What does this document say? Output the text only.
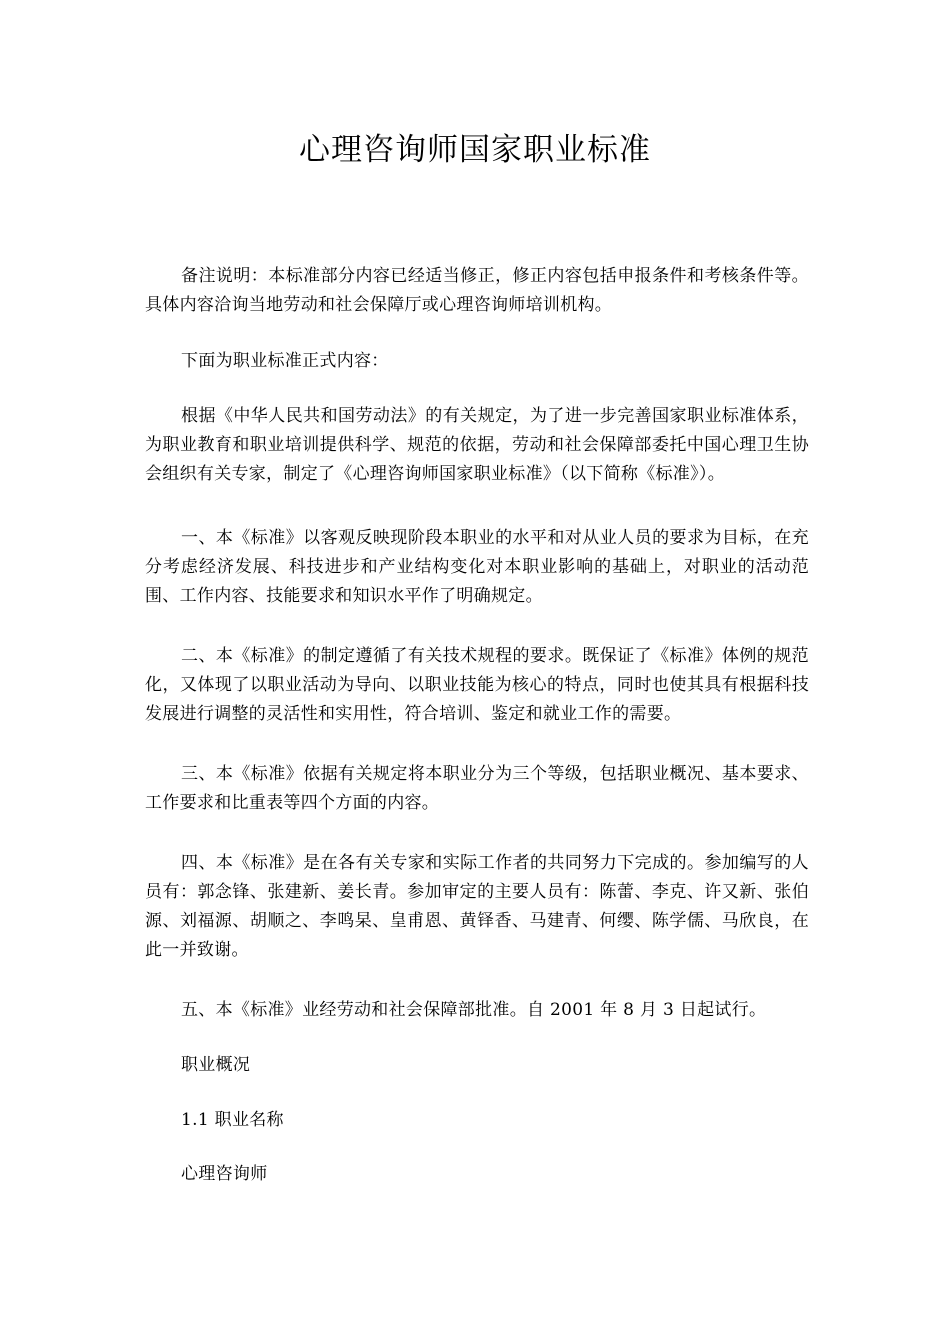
心理咨询师国家职业标准

备注说明：本标准部分内容已经适当修正，修正内容包括申报条件和考核条件等。具体内容洽询当地劳动和社会保障厅或心理咨询师培训机构。

下面为职业标准正式内容：

根据《中华人民共和国劳动法》的有关规定，为了进一步完善国家职业标准体系，为职业教育和职业培训提供科学、规范的依据，劳动和社会保障部委托中国心理卫生协会组织有关专家，制定了《心理咨询师国家职业标准》（以下简称《标准》）。

一、本《标准》以客观反映现阶段本职业的水平和对从业人员的要求为目标，在充分考虑经济发展、科技进步和产业结构变化对本职业影响的基础上，对职业的活动范围、工作内容、技能要求和知识水平作了明确规定。

二、本《标准》的制定遵循了有关技术规程的要求。既保证了《标准》体例的规范化，又体现了以职业活动为导向、以职业技能为核心的特点，同时也使其具有根据科技发展进行调整的灵活性和实用性，符合培训、鉴定和就业工作的需要。

三、本《标准》依据有关规定将本职业分为三个等级，包括职业概况、基本要求、工作要求和比重表等四个方面的内容。

四、本《标准》是在各有关专家和实际工作者的共同努力下完成的。参加编写的人员有：郭念锋、张建新、姜长青。参加审定的主要人员有：陈蕾、李克、许又新、张伯源、刘福源、胡顺之、李鸣杲、皇甫恩、黄铎香、马建青、何缨、陈学儒、马欣良，在此一并致谢。

五、本《标准》业经劳动和社会保障部批准。自 2001 年 8 月 3 日起试行。

职业概况

1.1 职业名称

心理咨询师
